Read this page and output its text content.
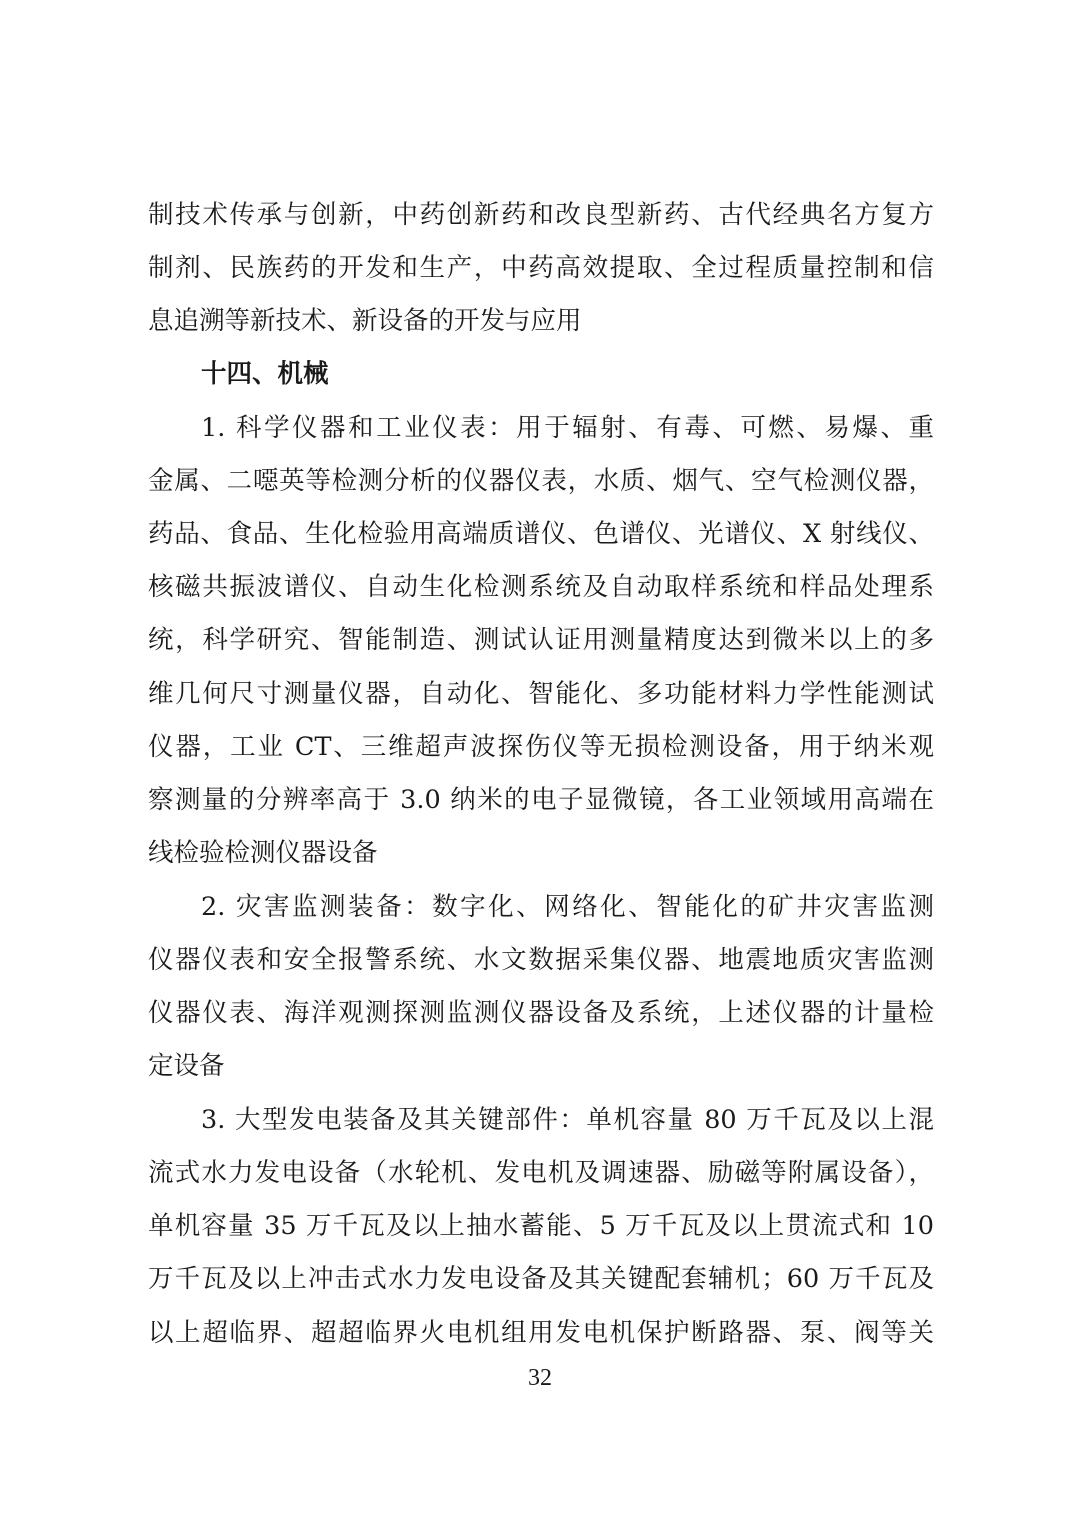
制技术传承与创新，中药创新药和改良型新药、古代经典名方复方
制剂、民族药的开发和生产，中药高效提取、全过程质量控制和信
息追溯等新技术、新设备的开发与应用
十四、机械
1. 科学仪器和工业仪表：用于辐射、有毒、可燃、易爆、重
金属、二噁英等检测分析的仪器仪表，水质、烟气、空气检测仪器，
药品、食品、生化检验用高端质谱仪、色谱仪、光谱仪、X 射线仪、
核磁共振波谱仪、自动生化检测系统及自动取样系统和样品处理系
统，科学研究、智能制造、测试认证用测量精度达到微米以上的多
维几何尺寸测量仪器，自动化、智能化、多功能材料力学性能测试
仪器，工业 CT、三维超声波探伤仪等无损检测设备，用于纳米观
察测量的分辨率高于 3.0 纳米的电子显微镜，各工业领域用高端在
线检验检测仪器设备
2. 灾害监测装备：数字化、网络化、智能化的矿井灾害监测
仪器仪表和安全报警系统、水文数据采集仪器、地震地质灾害监测
仪器仪表、海洋观测探测监测仪器设备及系统，上述仪器的计量检
定设备
3. 大型发电装备及其关键部件：单机容量 80 万千瓦及以上混
流式水力发电设备（水轮机、发电机及调速器、励磁等附属设备），
单机容量 35 万千瓦及以上抽水蓄能、5 万千瓦及以上贯流式和 10
万千瓦及以上冲击式水力发电设备及其关键配套辅机；60 万千瓦及
以上超临界、超超临界火电机组用发电机保护断路器、泵、阀等关
32
